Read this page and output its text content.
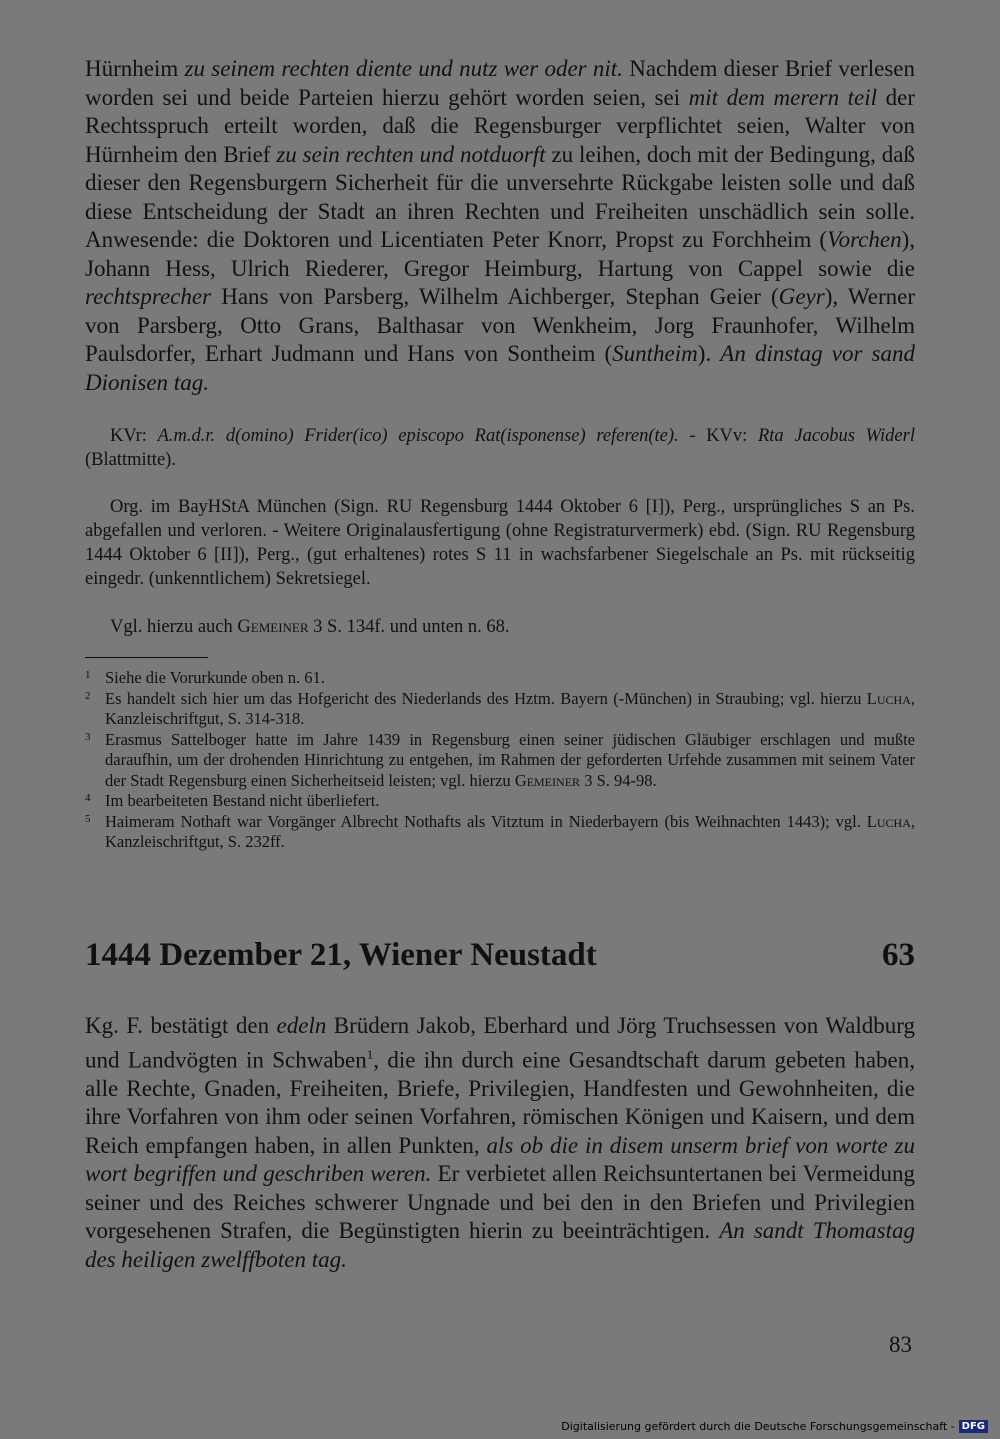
Hürnheim zu seinem rechten diente und nutz wer oder nit. Nachdem dieser Brief verlesen worden sei und beide Parteien hierzu gehört worden seien, sei mit dem merern teil der Rechtsspruch erteilt worden, daß die Regensburger verpflichtet seien, Walter von Hürnheim den Brief zu sein rechten und notduorft zu leihen, doch mit der Bedingung, daß dieser den Regensburgern Sicherheit für die unversehrte Rückgabe leisten solle und daß diese Entscheidung der Stadt an ihren Rechten und Freiheiten unschädlich sein solle. Anwesende: die Doktoren und Licentiaten Peter Knorr, Propst zu Forchheim (Vorchen), Johann Hess, Ulrich Riederer, Gregor Heimburg, Hartung von Cappel sowie die rechtsprecher Hans von Parsberg, Wilhelm Aichberger, Stephan Geier (Geyr), Werner von Parsberg, Otto Grans, Balthasar von Wenkheim, Jorg Fraunhofer, Wilhelm Paulsdorfer, Erhart Judmann und Hans von Sontheim (Suntheim). An dinstag vor sand Dionisen tag.

KVr: A.m.d.r. d(omino) Frider(ico) episcopo Rat(isponense) referen(te). - KVv: Rta Jacobus Widerl (Blattmitte).

Org. im BayHStA München (Sign. RU Regensburg 1444 Oktober 6 [I]), Perg., ursprüngliches S an Ps. abgefallen und verloren. - Weitere Originalausfertigung (ohne Registraturvermerk) ebd. (Sign. RU Regensburg 1444 Oktober 6 [II]), Perg., (gut erhaltenes) rotes S 11 in wachsfarbener Siegelschale an Ps. mit rückseitig eingedr. (unkenntlichem) Sekretsiegel.

Vgl. hierzu auch Gemeiner 3 S. 134f. und unten n. 68.

1 Siehe die Vorurkunde oben n. 61.
2 Es handelt sich hier um das Hofgericht des Niederlands des Hztm. Bayern (-München) in Straubing; vgl. hierzu Lucha, Kanzleischriftgut, S. 314-318.
3 Erasmus Sattelboger hatte im Jahre 1439 in Regensburg einen seiner jüdischen Gläubiger erschlagen und mußte daraufhin, um der drohenden Hinrichtung zu entgehen, im Rahmen der geforderten Urfehde zusammen mit seinem Vater der Stadt Regensburg einen Sicherheitseid leisten; vgl. hierzu Gemeiner 3 S. 94-98.
4 Im bearbeiteten Bestand nicht überliefert.
5 Haimeram Nothaft war Vorgänger Albrecht Nothafts als Vitztum in Niederbayern (bis Weihnachten 1443); vgl. Lucha, Kanzleischriftgut, S. 232ff.
1444 Dezember 21, Wiener Neustadt	63

Kg. F. bestätigt den edeln Brüdern Jakob, Eberhard und Jörg Truchsessen von Waldburg und Landvögten in Schwaben$^1$, die ihn durch eine Gesandtschaft darum gebeten haben, alle Rechte, Gnaden, Freiheiten, Briefe, Privilegien, Handfesten und Gewohnheiten, die ihre Vorfahren von ihm oder seinen Vorfahren, römischen Königen und Kaisern, und dem Reich empfangen haben, in allen Punkten, als ob die in disem unserm brief von worte zu wort begriffen und geschriben weren. Er verbietet allen Reichsuntertanen bei Vermeidung seiner und des Reiches schwerer Ungnade und bei den in den Briefen und Privilegien vorgesehenen Strafen, die Begünstigten hierin zu beeinträchtigen. An sandt Thomastag des heiligen zwelffboten tag.

83
Digitalisierung gefördert durch die Deutsche Forschungsgemeinschaft - DFG
